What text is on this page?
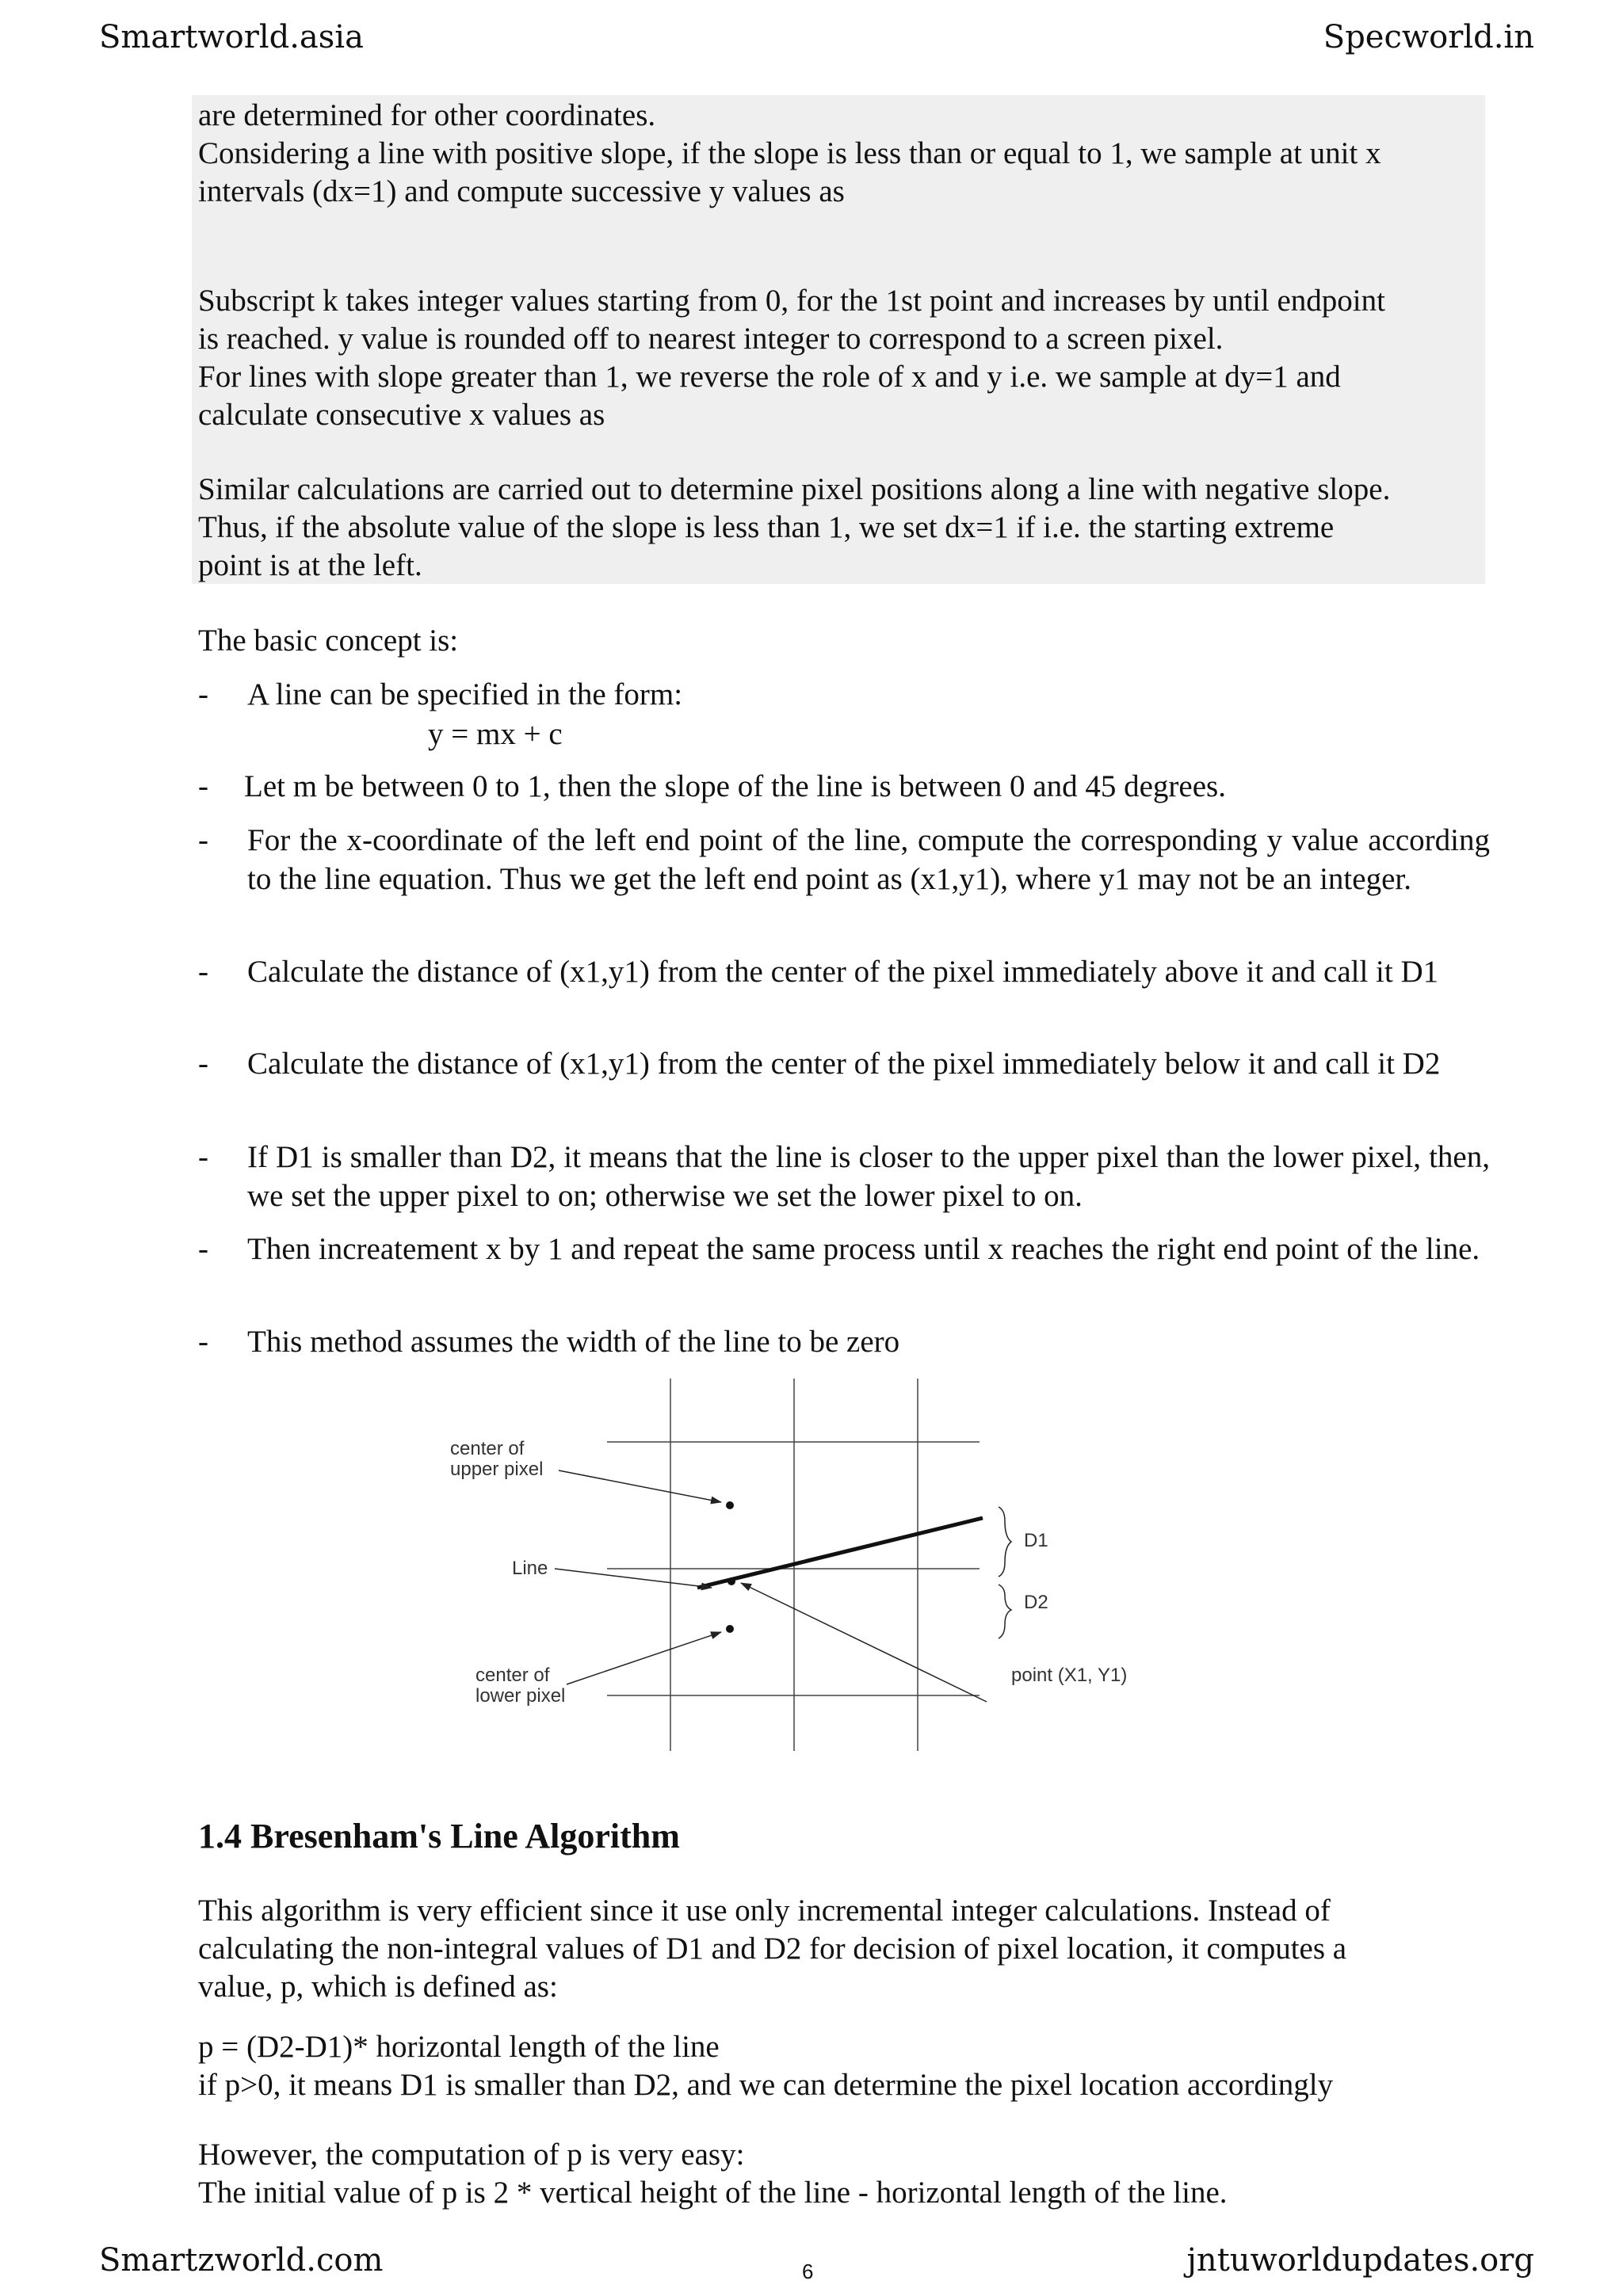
Smartworld.asia	Specworld.in

are determined for other coordinates.

Considering a line with positive slope, if the slope is less than or equal to 1, we sample at unit x

intervals (dx=1) and compute successive y values as

Subscript k takes integer values starting from 0, for the 1st point and increases by until endpoint

is reached. y value is rounded off to nearest integer to correspond to a screen pixel.

For lines with slope greater than 1, we reverse the role of x and y i.e. we sample at dy=1 and

calculate consecutive x values as

Similar calculations are carried out to determine pixel positions along a line with negative slope.

Thus, if the absolute value of the slope is less than 1, we set dx=1 if i.e. the starting extreme

point is at the left.

The basic concept is:
- A line can be specified in the form:
- Let m be between 0 to 1, then the slope of the line is between 0 and 45 degrees.
- For the x-coordinate of the left end point of the line, compute the corresponding y value according to the line equation. Thus we get the left end point as (x1,y1), where y1 may not be an integer.
- Calculate the distance of (x1,y1) from the center of the pixel immediately above it and call it D1
- Calculate the distance of (x1,y1) from the center of the pixel immediately below it and call it D2
- If D1 is smaller than D2, it means that the line is closer to the upper pixel than the lower pixel, then, we set the upper pixel to on; otherwise we set the lower pixel to on.
- Then increatement x by 1 and repeat the same process until x reaches the right end point of the line.
- This method assumes the width of the line to be zero
y = mx + c
center of
upper pixel
Line
center of
lower pixel
D1
D2
point (X1, Y1)
1.4 Bresenham's Line Algorithm

This algorithm is very efficient since it use only incremental integer calculations. Instead of

calculating the non-integral values of D1 and D2 for decision of pixel location, it computes a

value, p, which is defined as:

p = (D2-D1)* horizontal length of the line

if p>0, it means D1 is smaller than D2, and we can determine the pixel location accordingly

However, the computation of p is very easy:

The initial value of p is 2 * vertical height of the line - horizontal length of the line.

Smartzworld.com	6	jntuworldupdates.org
